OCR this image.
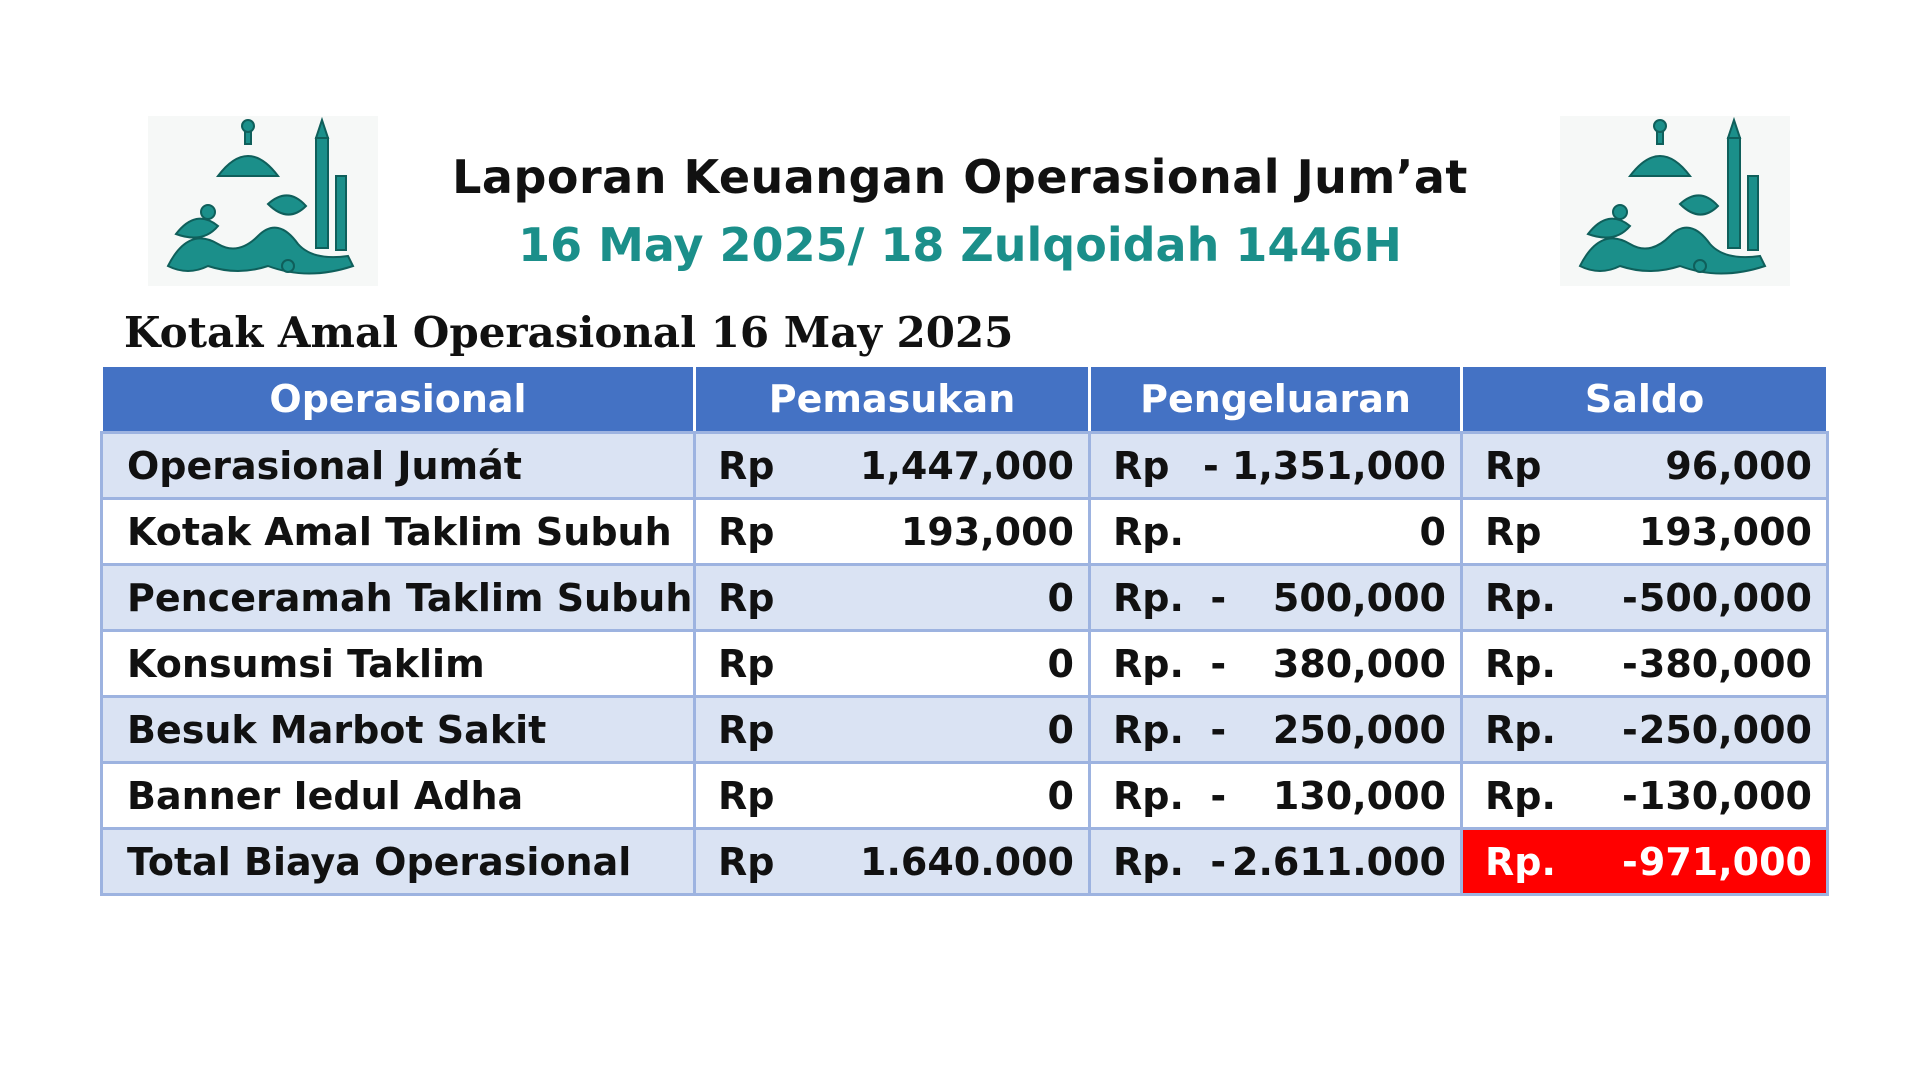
Laporan Keuangan Operasional Jum’at
16 May 2025/ 18 Zulqoidah 1446H
Kotak Amal Operasional 16 May 2025
Operasional	Pemasukan	Pengeluaran	Saldo
Operasional Jumát	Rp 1,447,000	Rp - 1,351,000	Rp 96,000

Kotak Amal Taklim Subuh	Rp 193,000	Rp. 0	Rp 193,000

Penceramah Taklim Subuh	Rp 0	Rp.  - 500,000	Rp.     - 500,000

Konsumsi Taklim	Rp 0	Rp.  - 380,000	Rp.     - 380,000

Besuk Marbot Sakit	Rp 0	Rp.  - 250,000	Rp.     - 250,000

Banner Iedul Adha	Rp 0	Rp.  - 130,000	Rp.     - 130,000

Total Biaya Operasional	Rp 1.640.000	Rp.  - 2.611.000	Rp.     - 971,000
